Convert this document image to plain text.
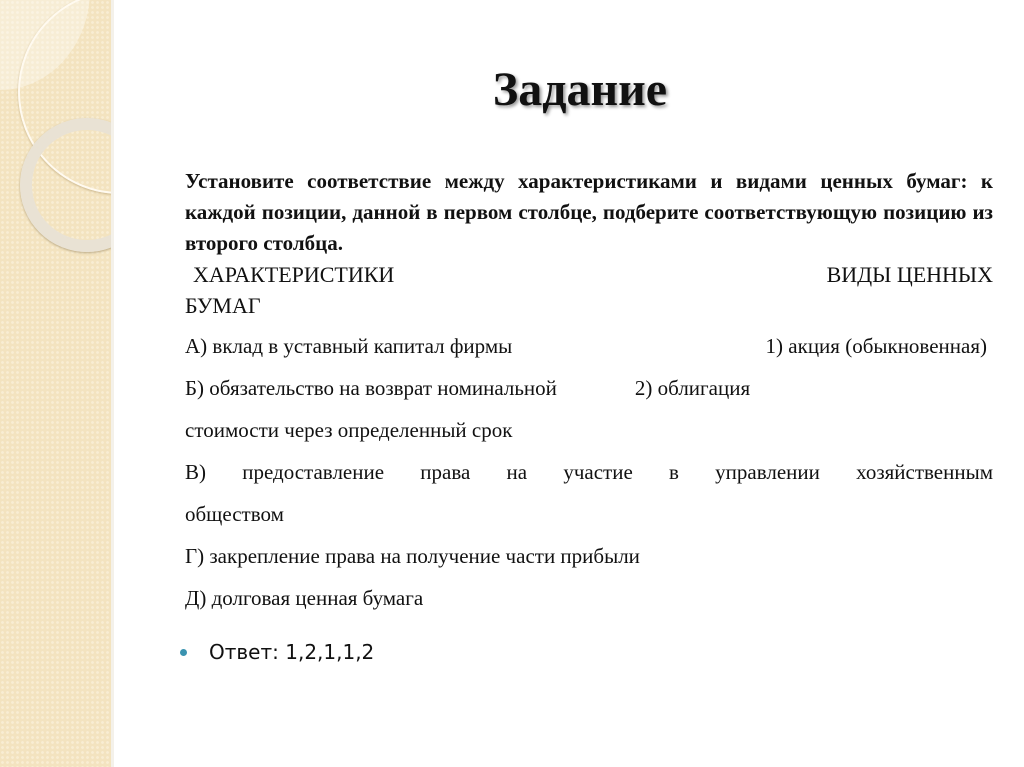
Задание
Установите соответствие между характеристиками и видами ценных бумаг: к каждой позиции, данной в первом столбце, подберите соответствующую позицию из второго столбца.
ХАРАКТЕРИСТИКИ	ВИДЫ ЦЕННЫХ
БУМАГ
А) вклад в уставный капитал фирмы	1) акция (обыкновенная)
Б) обязательство на возврат номинальной	2) облигация
стоимости через определенный срок
В) предоставление права на участие в управлении хозяйственным
обществом
Г) закрепление права на получение части прибыли
Д) долговая ценная бумага
Ответ: 1,2,1,1,2
